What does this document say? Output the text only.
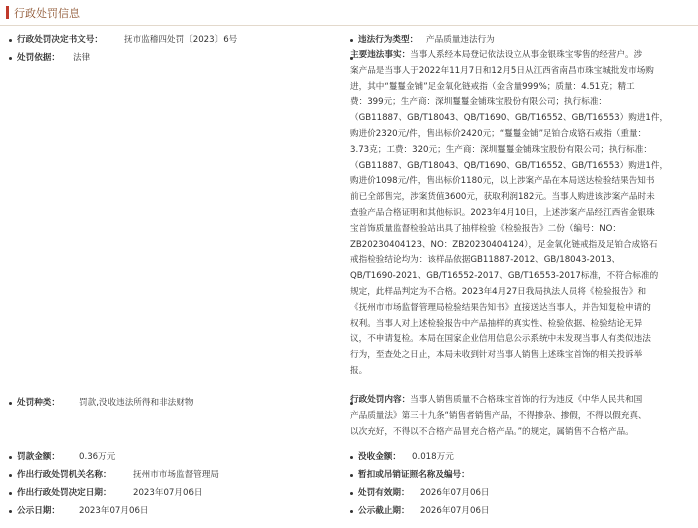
行政处罚信息
行政处罚决定书文号： 抚市监稽四处罚〔2023〕6号	违法行为类型： 产品质量违法行为
处罚依据： 法律	主要违法事实：当事人系经本局登记依法设立从事金银珠宝零售的经营户。涉
案产品是当事人于2022年11月7日和12月5日从江西省南昌市珠宝城批发市场购
进，其中“鬘鬘金铺”足金氧化链戒指（金含量999%；质量：4.51克；精工
费：399元；生产商：深圳鬘鬘金铺珠宝股份有限公司；执行标准：
（GB11887、GB/T18043、QB/T1690、GB/T16552、GB/T16553）购进1件，
购进价2320元/件，售出标价2420元；“鬘鬘金铺”足铂合成铬石戒指（重量：
3.73克；工费：320元；生产商：深圳鬘鬘金铺珠宝股份有限公司；执行标准：
（GB11887、GB/T18043、QB/T1690、GB/T16552、GB/T16553）购进1件，
购进价1098元/件，售出标价1180元，以上涉案产品在本局送达检验结果告知书
前已全部售完，涉案货值3600元，获取利润182元。当事人购进该涉案产品时未
查验产品合格证明和其他标识。2023年4月10日，上述涉案产品经江西省金银珠
宝首饰质量监督检验站出具了抽样检验《检验报告》二份（编号：NO：
ZB20230404123、NO：ZB20230404124），足金氧化链戒指及足铂合成铬石
戒指检验结论均为：该样品依据GB11887-2012、GB/18043-2013、
QB/T1690-2021、GB/T16552-2017、GB/T16553-2017标准，不符合标准的
规定，此样品判定为不合格。2023年4月27日我局执法人员将《检验报告》和
《抚州市市场监督管理局检验结果告知书》直接送达当事人，并告知复检申请的
权利。当事人对上述检验报告中产品抽样的真实性、检验依据、检验结论无异
议，不申请复检。本局在国家企业信用信息公示系统中未发现当事人有类似违法
行为，至查处之日止，本局未收到针对当事人销售上述珠宝首饰的相关投诉举
报。
处罚种类： 罚款,没收违法所得和非法财物	行政处罚内容：当事人销售质量不合格珠宝首饰的行为违反《中华人民共和国
产品质量法》第三十九条“销售者销售产品，不得掺杂、掺假，不得以假充真、
以次充好，不得以不合格产品冒充合格产品。”的规定，属销售不合格产品。
罚款金额： 0.36万元	没收金额： 0.018万元
作出行政处罚机关名称： 抚州市市场监督管理局	暂扣或吊销证照名称及编号：
作出行政处罚决定日期： 2023年07月06日	处罚有效期： 2026年07月06日
公示日期： 2023年07月06日	公示截止期： 2026年07月06日
